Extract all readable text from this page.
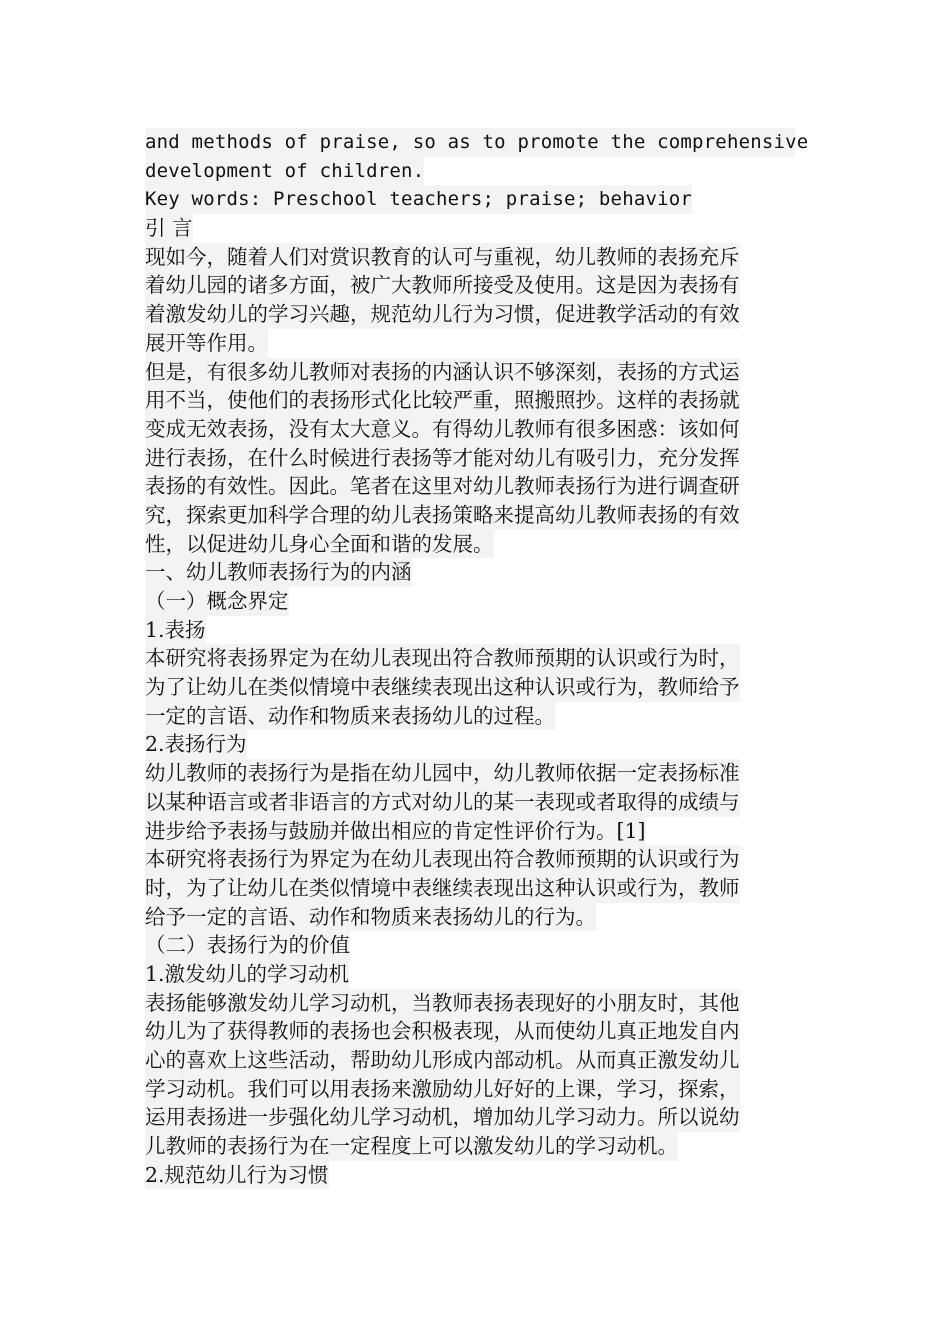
and methods of praise, so as to promote the comprehensive
development of children.
Key words: Preschool teachers; praise; behavior
引 言
现如今，随着人们对赏识教育的认可与重视，幼儿教师的表扬充斥
着幼儿园的诸多方面，被广大教师所接受及使用。这是因为表扬有
着激发幼儿的学习兴趣，规范幼儿行为习惯，促进教学活动的有效
展开等作用。
但是，有很多幼儿教师对表扬的内涵认识不够深刻，表扬的方式运
用不当，使他们的表扬形式化比较严重，照搬照抄。这样的表扬就
变成无效表扬，没有太大意义。有得幼儿教师有很多困惑：该如何
进行表扬，在什么时候进行表扬等才能对幼儿有吸引力，充分发挥
表扬的有效性。因此。笔者在这里对幼儿教师表扬行为进行调查研
究，探索更加科学合理的幼儿表扬策略来提高幼儿教师表扬的有效
性，以促进幼儿身心全面和谐的发展。
一、幼儿教师表扬行为的内涵
（一）概念界定
1.表扬
本研究将表扬界定为在幼儿表现出符合教师预期的认识或行为时，
为了让幼儿在类似情境中表继续表现出这种认识或行为，教师给予
一定的言语、动作和物质来表扬幼儿的过程。
2.表扬行为
幼儿教师的表扬行为是指在幼儿园中，幼儿教师依据一定表扬标准
以某种语言或者非语言的方式对幼儿的某一表现或者取得的成绩与
进步给予表扬与鼓励并做出相应的肯定性评价行为。[1]
本研究将表扬行为界定为在幼儿表现出符合教师预期的认识或行为
时，为了让幼儿在类似情境中表继续表现出这种认识或行为，教师
给予一定的言语、动作和物质来表扬幼儿的行为。
（二）表扬行为的价值
1.激发幼儿的学习动机
表扬能够激发幼儿学习动机，当教师表扬表现好的小朋友时，其他
幼儿为了获得教师的表扬也会积极表现，从而使幼儿真正地发自内
心的喜欢上这些活动，帮助幼儿形成内部动机。从而真正激发幼儿
学习动机。我们可以用表扬来激励幼儿好好的上课，学习，探索，
运用表扬进一步强化幼儿学习动机，增加幼儿学习动力。所以说幼
儿教师的表扬行为在一定程度上可以激发幼儿的学习动机。
2.规范幼儿行为习惯
